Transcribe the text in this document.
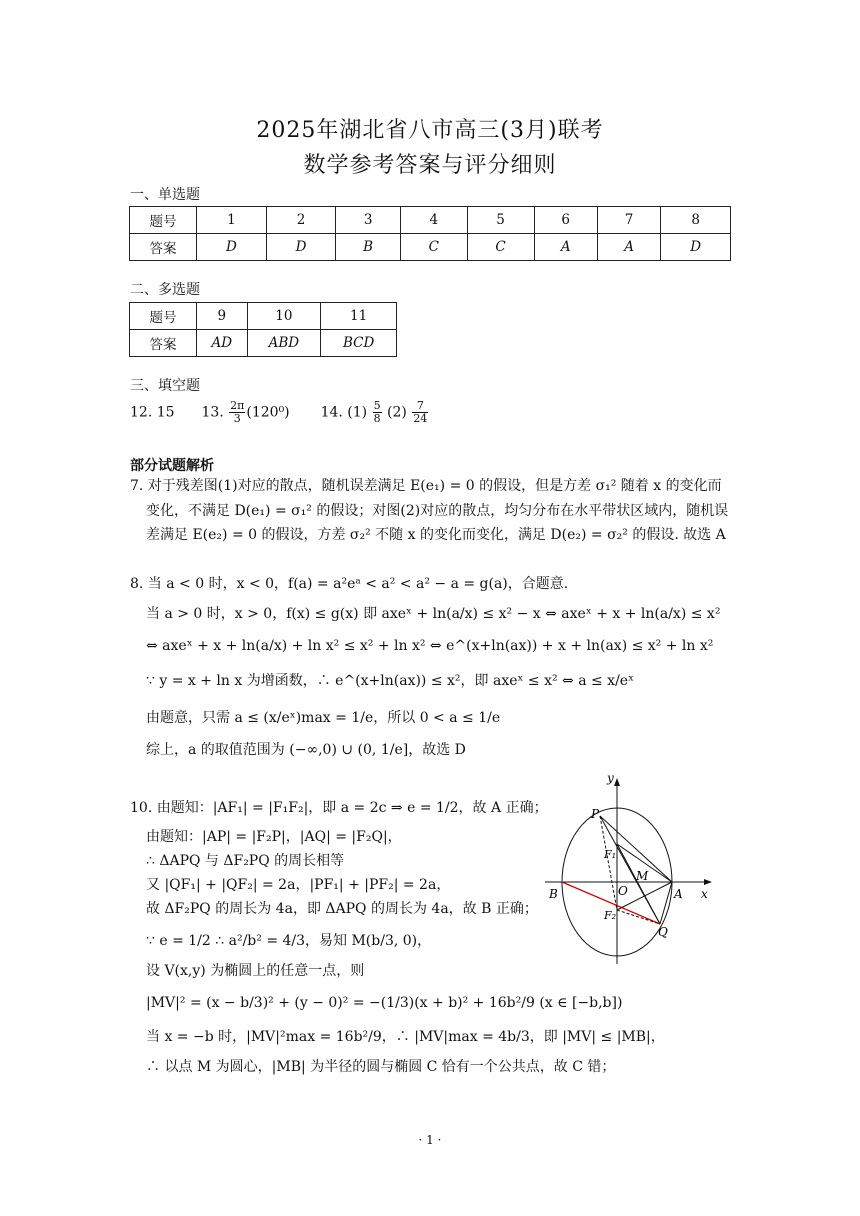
2025年湖北省八市高三(3月)联考
数学参考答案与评分细则
一、单选题
题号	1	2	3	4	5	6	7	8
答案	D	D	B	C	C	A	A	D
二、多选题
题号	9	10	11
答案	AD	ABD	BCD
三、填空题
12. 15 13. $\frac{2\pi}{3} (120^0)$ 14. $(1) \frac{5}{8} (2) \frac{7}{24}$
部分试题解析
7. 对于残差图(1)对应的散点，随机误差满足 E(e₁) = 0 的假设，但是方差 σ₁² 随着 x 的变化而
变化，不满足 D(e₁) = σ₁² 的假设；对图(2)对应的散点，均匀分布在水平带状区域内，随机误
差满足 E(e₂) = 0 的假设，方差 σ₂² 不随 x 的变化而变化，满足 D(e₂) = σ₂² 的假设. 故选 A
8. 当 a < 0 时，x < 0，f(a) = a²eᵃ < a² < a² − a = g(a)，合题意.
当 a > 0 时，x > 0，f(x) ≤ g(x) 即 axeˣ + ln(a/x) ≤ x² − x ⇔ axeˣ + x + ln(a/x) ≤ x²
⇔ axeˣ + x + ln(a/x) + ln x² ≤ x² + ln x² ⇔ e^(x+ln(ax)) + x + ln(ax) ≤ x² + ln x²
∵ y = x + ln x 为增函数，∴ e^(x+ln(ax)) ≤ x²，即 axeˣ ≤ x² ⇔ a ≤ x/eˣ
由题意，只需 a ≤ (x/eˣ)max = 1/e，所以 0 < a ≤ 1/e
综上，a 的取值范围为 (−∞,0) ∪ (0, 1/e]，故选 D
10. 由题知：|AF₁| = |F₁F₂|，即 a = 2c ⇒ e = 1/2，故 A 正确；
由题知：|AP| = |F₂P|，|AQ| = |F₂Q|，
∴ ΔAPQ 与 ΔF₂PQ 的周长相等
又 |QF₁| + |QF₂| = 2a，|PF₁| + |PF₂| = 2a，
故 ΔF₂PQ 的周长为 4a，即 ΔAPQ 的周长为 4a，故 B 正确；
∵ e = 1/2 ∴ a²/b² = 4/3，易知 M(b/3, 0)，
设 V(x,y) 为椭圆上的任意一点，则
|MV|² = (x − b/3)² + (y − 0)² = −(1/3)(x + b)² + 16b²/9 (x ∈ [−b,b])
当 x = −b 时，|MV|²max = 16b²/9，∴ |MV|max = 4b/3，即 |MV| ≤ |MB|，
∴ 以点 M 为圆心，|MB| 为半径的圆与椭圆 C 恰有一个公共点，故 C 错；
y
x
P
F₁
O
M
A
B
F₂
Q
· 1 ·
